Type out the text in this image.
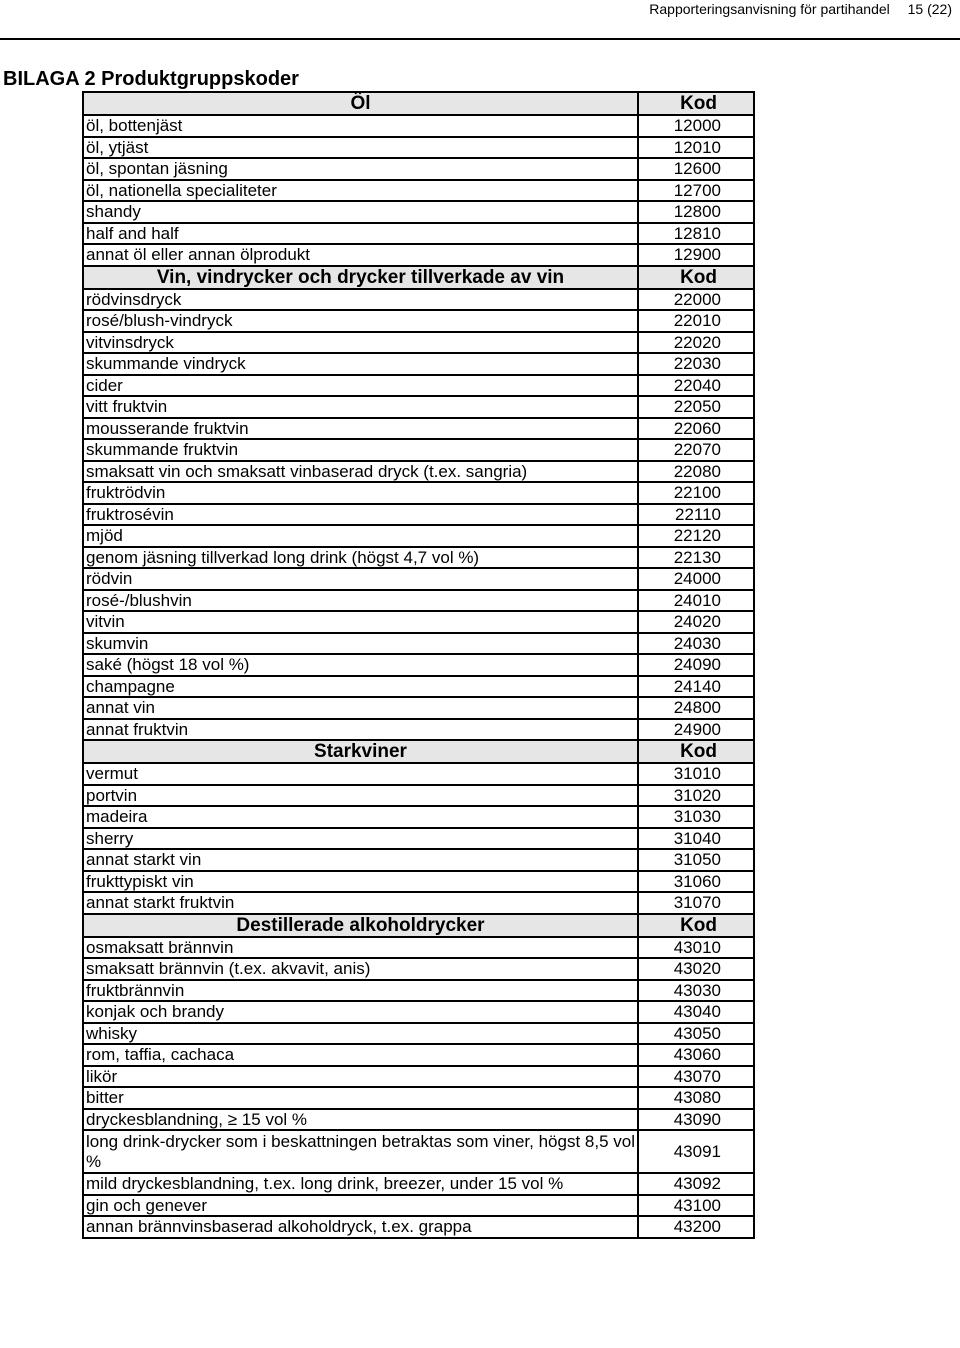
Rapporteringsanvisning för partihandel 15 (22)
BILAGA 2 Produktgruppskoder
Öl	Kod
öl, bottenjäst	12000
öl, ytjäst	12010
öl, spontan jäsning	12600
öl, nationella specialiteter	12700
shandy	12800
half and half	12810
annat öl eller annan ölprodukt	12900
Vin, vindrycker och drycker tillverkade av vin	Kod
rödvinsdryck	22000
rosé/blush-vindryck	22010
vitvinsdryck	22020
skummande vindryck	22030
cider	22040
vitt fruktvin	22050
mousserande fruktvin	22060
skummande fruktvin	22070
smaksatt vin och smaksatt vinbaserad dryck (t.ex. sangria)	22080
fruktrödvin	22100
fruktrosévin	22110
mjöd	22120
genom jäsning tillverkad long drink (högst 4,7 vol %)	22130
rödvin	24000
rosé-/blushvin	24010
vitvin	24020
skumvin	24030
saké (högst 18 vol %)	24090
champagne	24140
annat vin	24800
annat fruktvin	24900
Starkviner	Kod
vermut	31010
portvin	31020
madeira	31030
sherry	31040
annat starkt vin	31050
frukttypiskt vin	31060
annat starkt fruktvin	31070
Destillerade alkoholdrycker	Kod
osmaksatt brännvin	43010
smaksatt brännvin (t.ex. akvavit, anis)	43020
fruktbrännvin	43030
konjak och brandy	43040
whisky	43050
rom, taffia, cachaca	43060
likör	43070
bitter	43080
dryckesblandning, ≥ 15 vol %	43090
long drink-drycker som i beskattningen betraktas som viner, högst 8,5 vol %	43091
mild dryckesblandning, t.ex. long drink, breezer, under 15 vol %	43092
gin och genever	43100
annan brännvinsbaserad alkoholdryck, t.ex. grappa	43200
